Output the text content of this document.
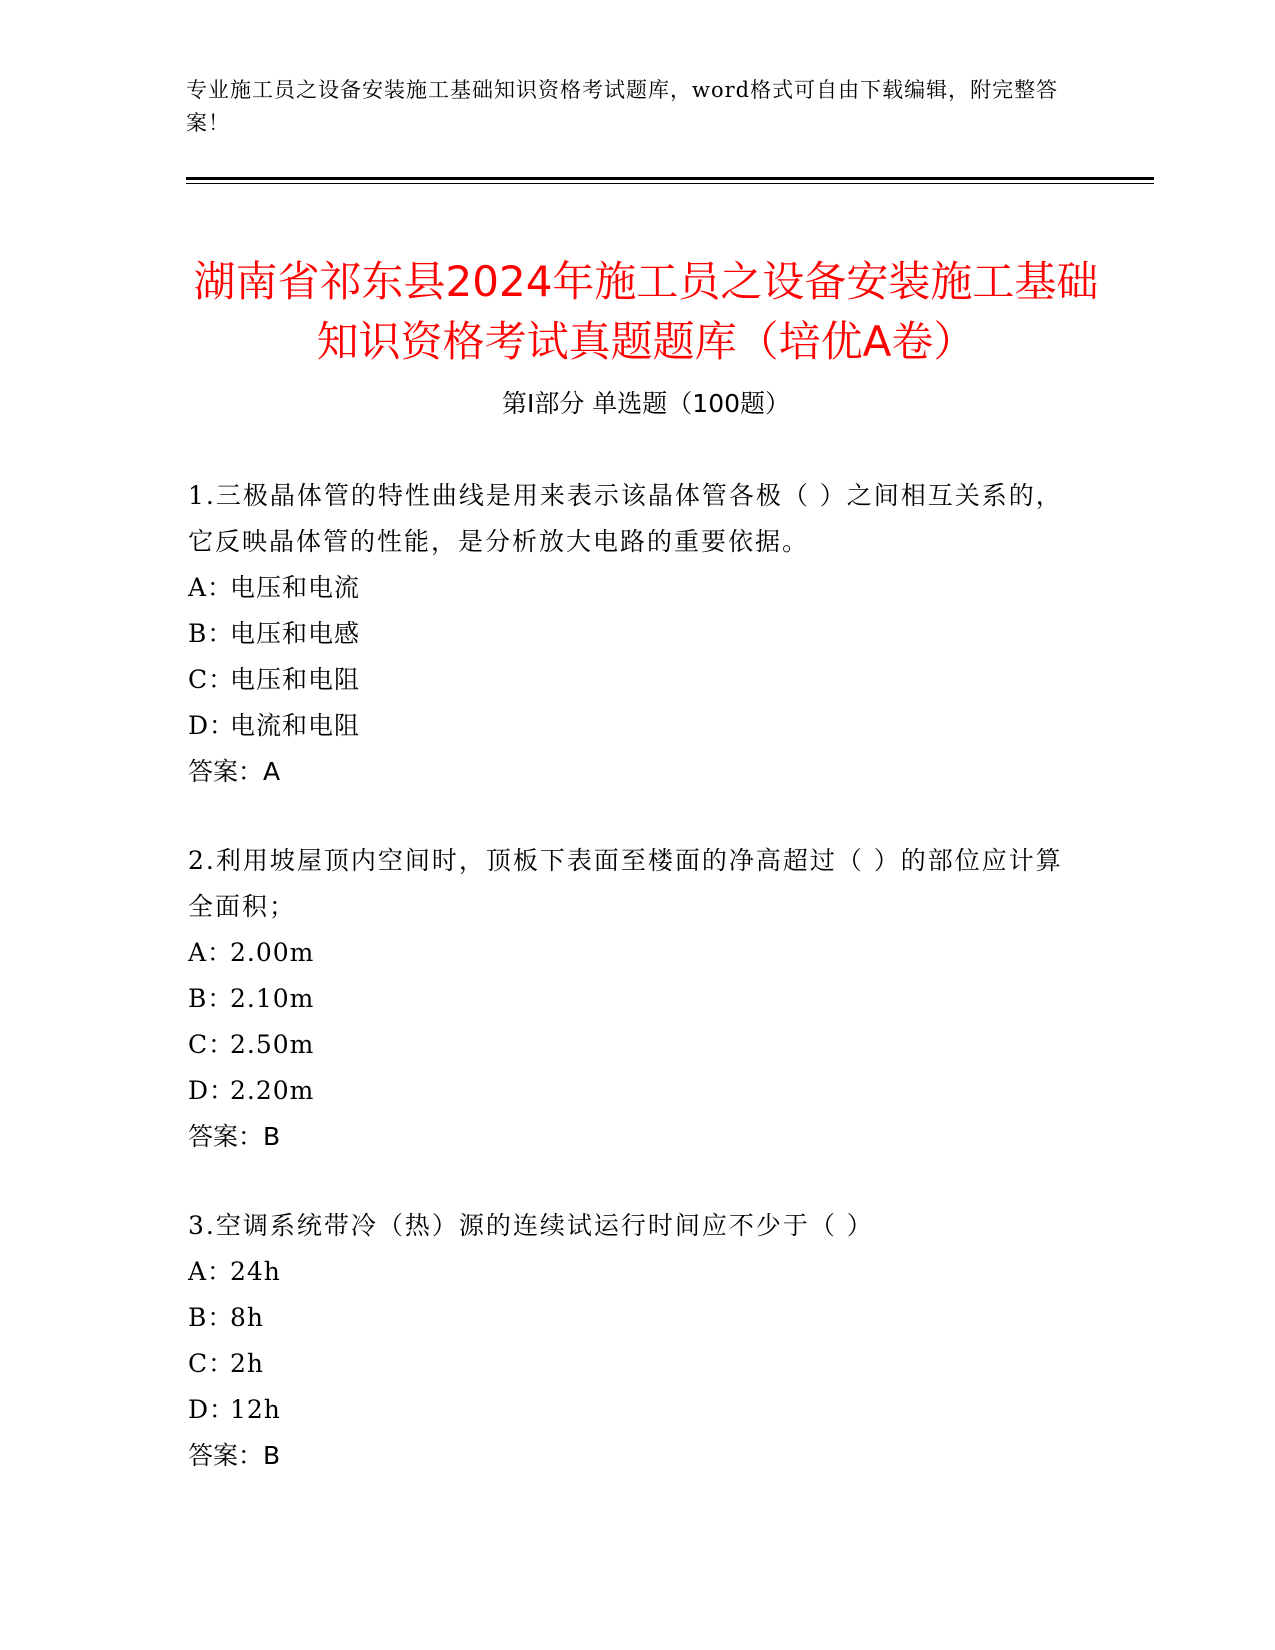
专业施工员之设备安装施工基础知识资格考试题库，word格式可自由下载编辑，附完整答案！
湖南省祁东县2024年施工员之设备安装施工基础知识资格考试真题题库（培优A卷）
第Ⅰ部分 单选题（100题）
1.三极晶体管的特性曲线是用来表示该晶体管各极（ ）之间相互关系的，它反映晶体管的性能，是分析放大电路的重要依据。
A：电压和电流
B：电压和电感
C：电压和电阻
D：电流和电阻
答案：A
2.利用坡屋顶内空间时，顶板下表面至楼面的净高超过（ ）的部位应计算全面积；
A：2.00m
B：2.10m
C：2.50m
D：2.20m
答案：B
3.空调系统带冷（热）源的连续试运行时间应不少于（ ）
A：24h
B：8h
C：2h
D：12h
答案：B
